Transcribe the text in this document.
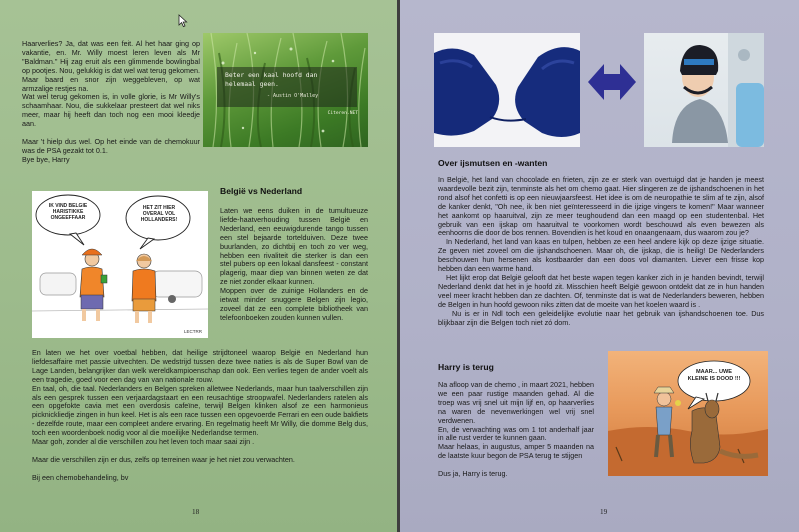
Haarverlies? Ja, dat was een feit. Al het haar ging op vakantie, en. Mr. Willy moest leren leven als Mr "Baldman." Hij zag eruit als een glimmende bowlingbal op pootjes. Nou, gelukkig is dat wel wat terug gekomen. Maar baard en snor zijn weggebleven, op wat armzalige restjes na.
Wat wel terug gekomen is, in volle glorie, is Mr Willy's schaamhaar. Nou, die sukkelaar presteert dat wel niks meer, maar hij heeft dan toch nog een mooi kleedje aan.
Maar 't hielp dus wel. Op het einde van de chemokuur was de PSA gezakt tot 0.1.
Bye bye, Harry
Beter een kaal hoofd dan helemaal geen.
- Austin O'Malley
Citeren.NET
IK VIND BELGIE HARISTIKKE ONGEEFFAAR
HET ZIT HIER OVERAL VOL HOLLANDERS!
LECTRR
België vs Nederland
Laten we eens duiken in de tumultueuze liefde-haatverhouding tussen België en Nederland, een eeuwigdurende tango tussen een stel bejaarde tortelduiven. Deze twee buurlanden, zo dichtbij en toch zo ver weg, hebben een rivaliteit die sterker is dan een stel pubers op een lokaal dansfeest - constant plagerig, maar diep van binnen weten ze dat ze niet zonder elkaar kunnen.
Moppen over de zuinige Hollanders en de ietwat minder snuggere Belgen zijn legio, zoveel dat ze een complete bibliotheek van telefoonboeken zouden kunnen vullen.
En laten we het over voetbal hebben, dat heilige strijdtoneel waarop België en Nederland hun liefdesaffaire met passie uitvechten. De wedstrijd tussen deze twee naties is als de Super Bowl van de Lage Landen, belangrijker dan welk wereldkampioenschap dan ook. Een verlies tegen de ander voelt als een tragedie, goed voor een dag van van nationale rouw.
En taal, oh, die taal. Nederlanders en Belgen spreken alletwee Nederlands, maar hun taalverschillen zijn als een gesprek tussen een verjaardagstaart en een reusachtige stroopwafel. Nederlanders ratelen als een opgefokte cavia met een overdosis cafeïne, terwijl Belgen klinken alsof ze een harmonieus picknickliedje zingen in hun keel. Het is als een race tussen een opgevoerde Ferrari en een oude bakfiets - dezelfde route, maar een compleet andere ervaring. En regelmatig heeft Mr Willy, die domme Belg dus, toch een woordenboek nodig voor al die moeilijke Nederlandse termen.
Maar goh, zonder al die verschillen zou het leven toch maar saai zijn .
Maar die verschillen zijn er dus, zelfs op terreinen waar je het niet zou verwachten.
Bij een chemobehandeling, bv
18
Over ijsmutsen en -wanten
In België, het land van chocolade en frieten, zijn ze er sterk van overtuigd dat je handen je meest waardevolle bezit zijn, tenminste als het om chemo gaat. Hier slingeren ze de ijshandschoenen in het rond alsof het confetti is op een nieuwjaarsfeest. Het idee is om de neuropathie te slim af te zijn, alsof de kanker denkt, "Oh nee, ik ben niet geïnteresseerd in die ijzige vingers te komen!" Maar wanneer het aankomt op haaruitval, zijn ze meer teughoudend dan een maagd op een studentenbal. Het gebruik van een ijskap om haaruitval te voorkomen wordt beschouwd als even bewezen als eenhoorns die door de bos rennen. Bovendien is het koud en onaangenaam, dus waarom zou je?
In Nederland, het land van kaas en tulpen, hebben ze een heel andere kijk op deze ijzige situatie. Ze geven niet zoveel om die ijshandschoenen. Maar oh, die ijskap, die is heilig! De Nederlanders beschouwen hun hersenen als kostbaarder dan een doos vol diamanten. Liever een frisse kop hebben dan een warme hand.
Het lijkt erop dat België gelooft dat het beste wapen tegen kanker zich in je handen bevindt, terwijl Nederland denkt dat het in je hoofd zit. Misschien heeft België gewoon ontdekt dat ze in hun handen veel meer kracht hebben dan ze dachten. Of, tenminste dat is wat de Nederlanders beweren, hebben de Belgen in hun hoofd gewoon niks zitten dat de moeite van het koelen waard is .
Nu is er in Ndl toch een geleidelijke evolutie naar het gebruik van ijshandschoenen toe. Dus blijkbaar zijn die Belgen toch niet zó dom.
Harry is terug
Na afloop van de chemo , in maart 2021, hebben we een paar rustige maanden gehad. Al die troep was vrij snel uit mijn lijf en, op haarverlies na waren de nevenwerkingen wel vrij snel verdwenen.
En, de verwachting was om 1 tot anderhalf jaar in alle rust verder te kunnen gaan.
Maar helaas, in augustus, amper 5 maanden na de laatste kuur begon de PSA terug te stijgen
Dus ja, Harry is terug.
MAAR... UWE KLEINE IS DOOD !!!
19
